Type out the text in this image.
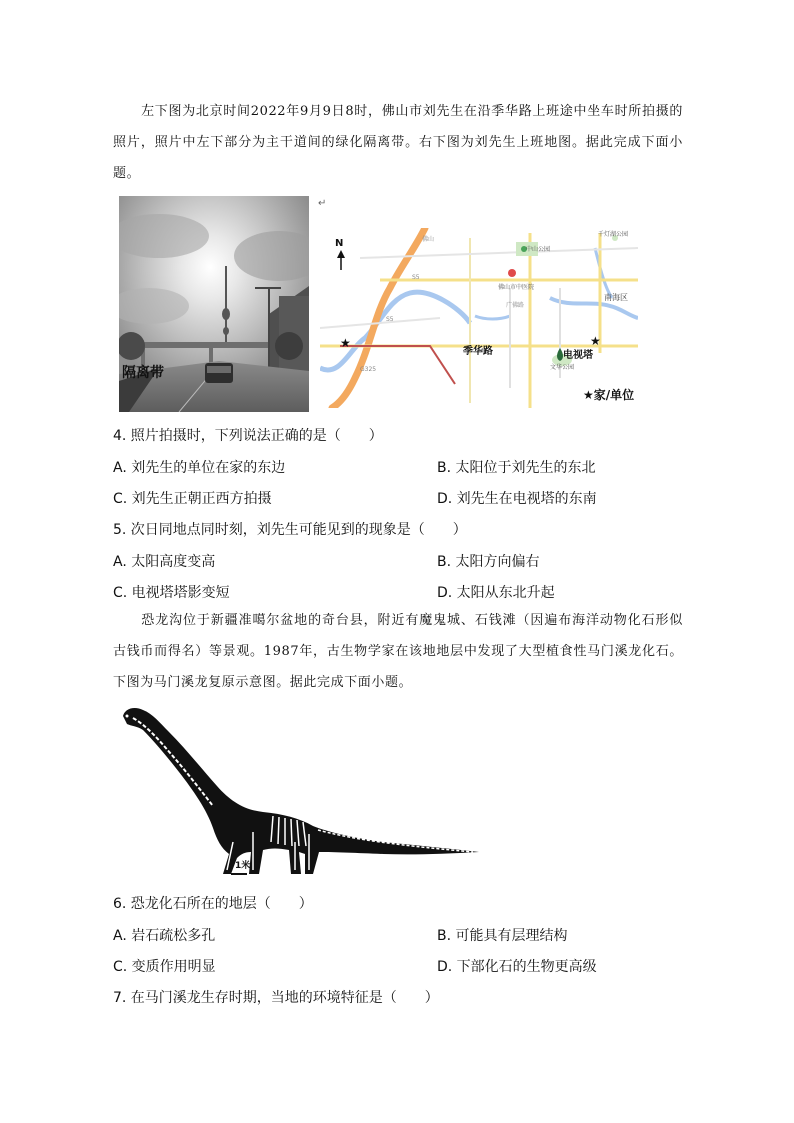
左下图为北京时间2022年9月9日8时，佛山市刘先生在沿季华路上班途中坐车时所拍摄的照片，照片中左下部分为主干道间的绿化隔离带。右下图为刘先生上班地图。据此完成下面小题。
↵
隔离带
★	★
N
季华路	电视塔
中山公园
千灯湖公园
佛山市中医院
南海区
文华公园
佛山
S5
广佛路
S5
G325
★家/单位
4. 照片拍摄时，下列说法正确的是（　　）
A. 刘先生的单位在家的东边	B. 太阳位于刘先生的东北
C. 刘先生正朝正西方拍摄	D. 刘先生在电视塔的东南
5. 次日同地点同时刻，刘先生可能见到的现象是（　　）
A. 太阳高度变高	B. 太阳方向偏右
C. 电视塔塔影变短	D. 太阳从东北升起
恐龙沟位于新疆准噶尔盆地的奇台县，附近有魔鬼城、石钱滩（因遍布海洋动物化石形似古钱币而得名）等景观。1987年，古生物学家在该地地层中发现了大型植食性马门溪龙化石。下图为马门溪龙复原示意图。据此完成下面小题。
1米
6. 恐龙化石所在的地层（　　）
A. 岩石疏松多孔	B. 可能具有层理结构
C. 变质作用明显	D. 下部化石的生物更高级
7. 在马门溪龙生存时期，当地的环境特征是（　　）
